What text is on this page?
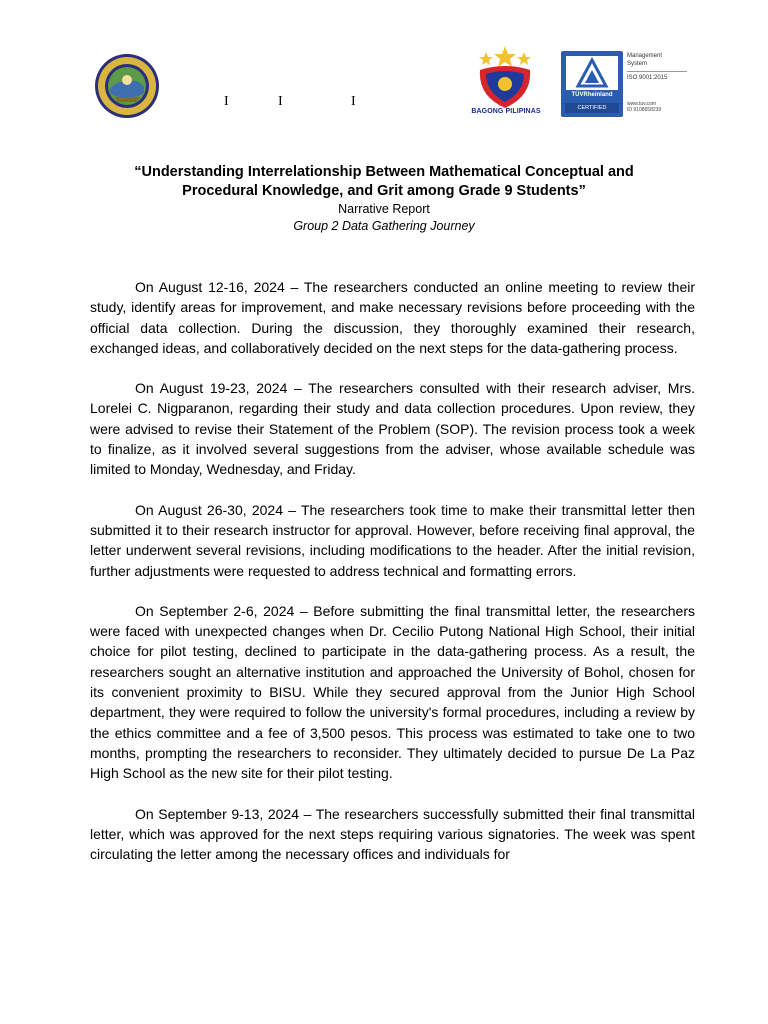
I	I	I
BAGONG PILIPINAS
TÜVRheinland
CERTIFIED
Management
System
ISO 9001:2015
www.tuv.com
ID 9108658239
“Understanding Interrelationship Between Mathematical Conceptual and
Procedural Knowledge, and Grit among Grade 9 Students”
Narrative Report
Group 2 Data Gathering Journey

On August 12-16, 2024 – The researchers conducted an online meeting to review their study, identify areas for improvement, and make necessary revisions before proceeding with the official data collection. During the discussion, they thoroughly examined their research, exchanged ideas, and collaboratively decided on the next steps for the data-gathering process.

On August 19-23, 2024 – The researchers consulted with their research adviser, Mrs. Lorelei C. Nigparanon, regarding their study and data collection procedures. Upon review, they were advised to revise their Statement of the Problem (SOP). The revision process took a week to finalize, as it involved several suggestions from the adviser, whose available schedule was limited to Monday, Wednesday, and Friday.

On August 26-30, 2024 – The researchers took time to make their transmittal letter then submitted it to their research instructor for approval. However, before receiving final approval, the letter underwent several revisions, including modifications to the header. After the initial revision, further adjustments were requested to address technical and formatting errors.

On September 2-6, 2024 – Before submitting the final transmittal letter, the researchers were faced with unexpected changes when Dr. Cecilio Putong National High School, their initial choice for pilot testing, declined to participate in the data-gathering process. As a result, the researchers sought an alternative institution and approached the University of Bohol, chosen for its convenient proximity to BISU. While they secured approval from the Junior High School department, they were required to follow the university's formal procedures, including a review by the ethics committee and a fee of 3,500 pesos. This process was estimated to take one to two months, prompting the researchers to reconsider. They ultimately decided to pursue De La Paz High School as the new site for their pilot testing.

On September 9-13, 2024 – The researchers successfully submitted their final transmittal letter, which was approved for the next steps requiring various signatories. The week was spent circulating the letter among the necessary offices and individuals for
